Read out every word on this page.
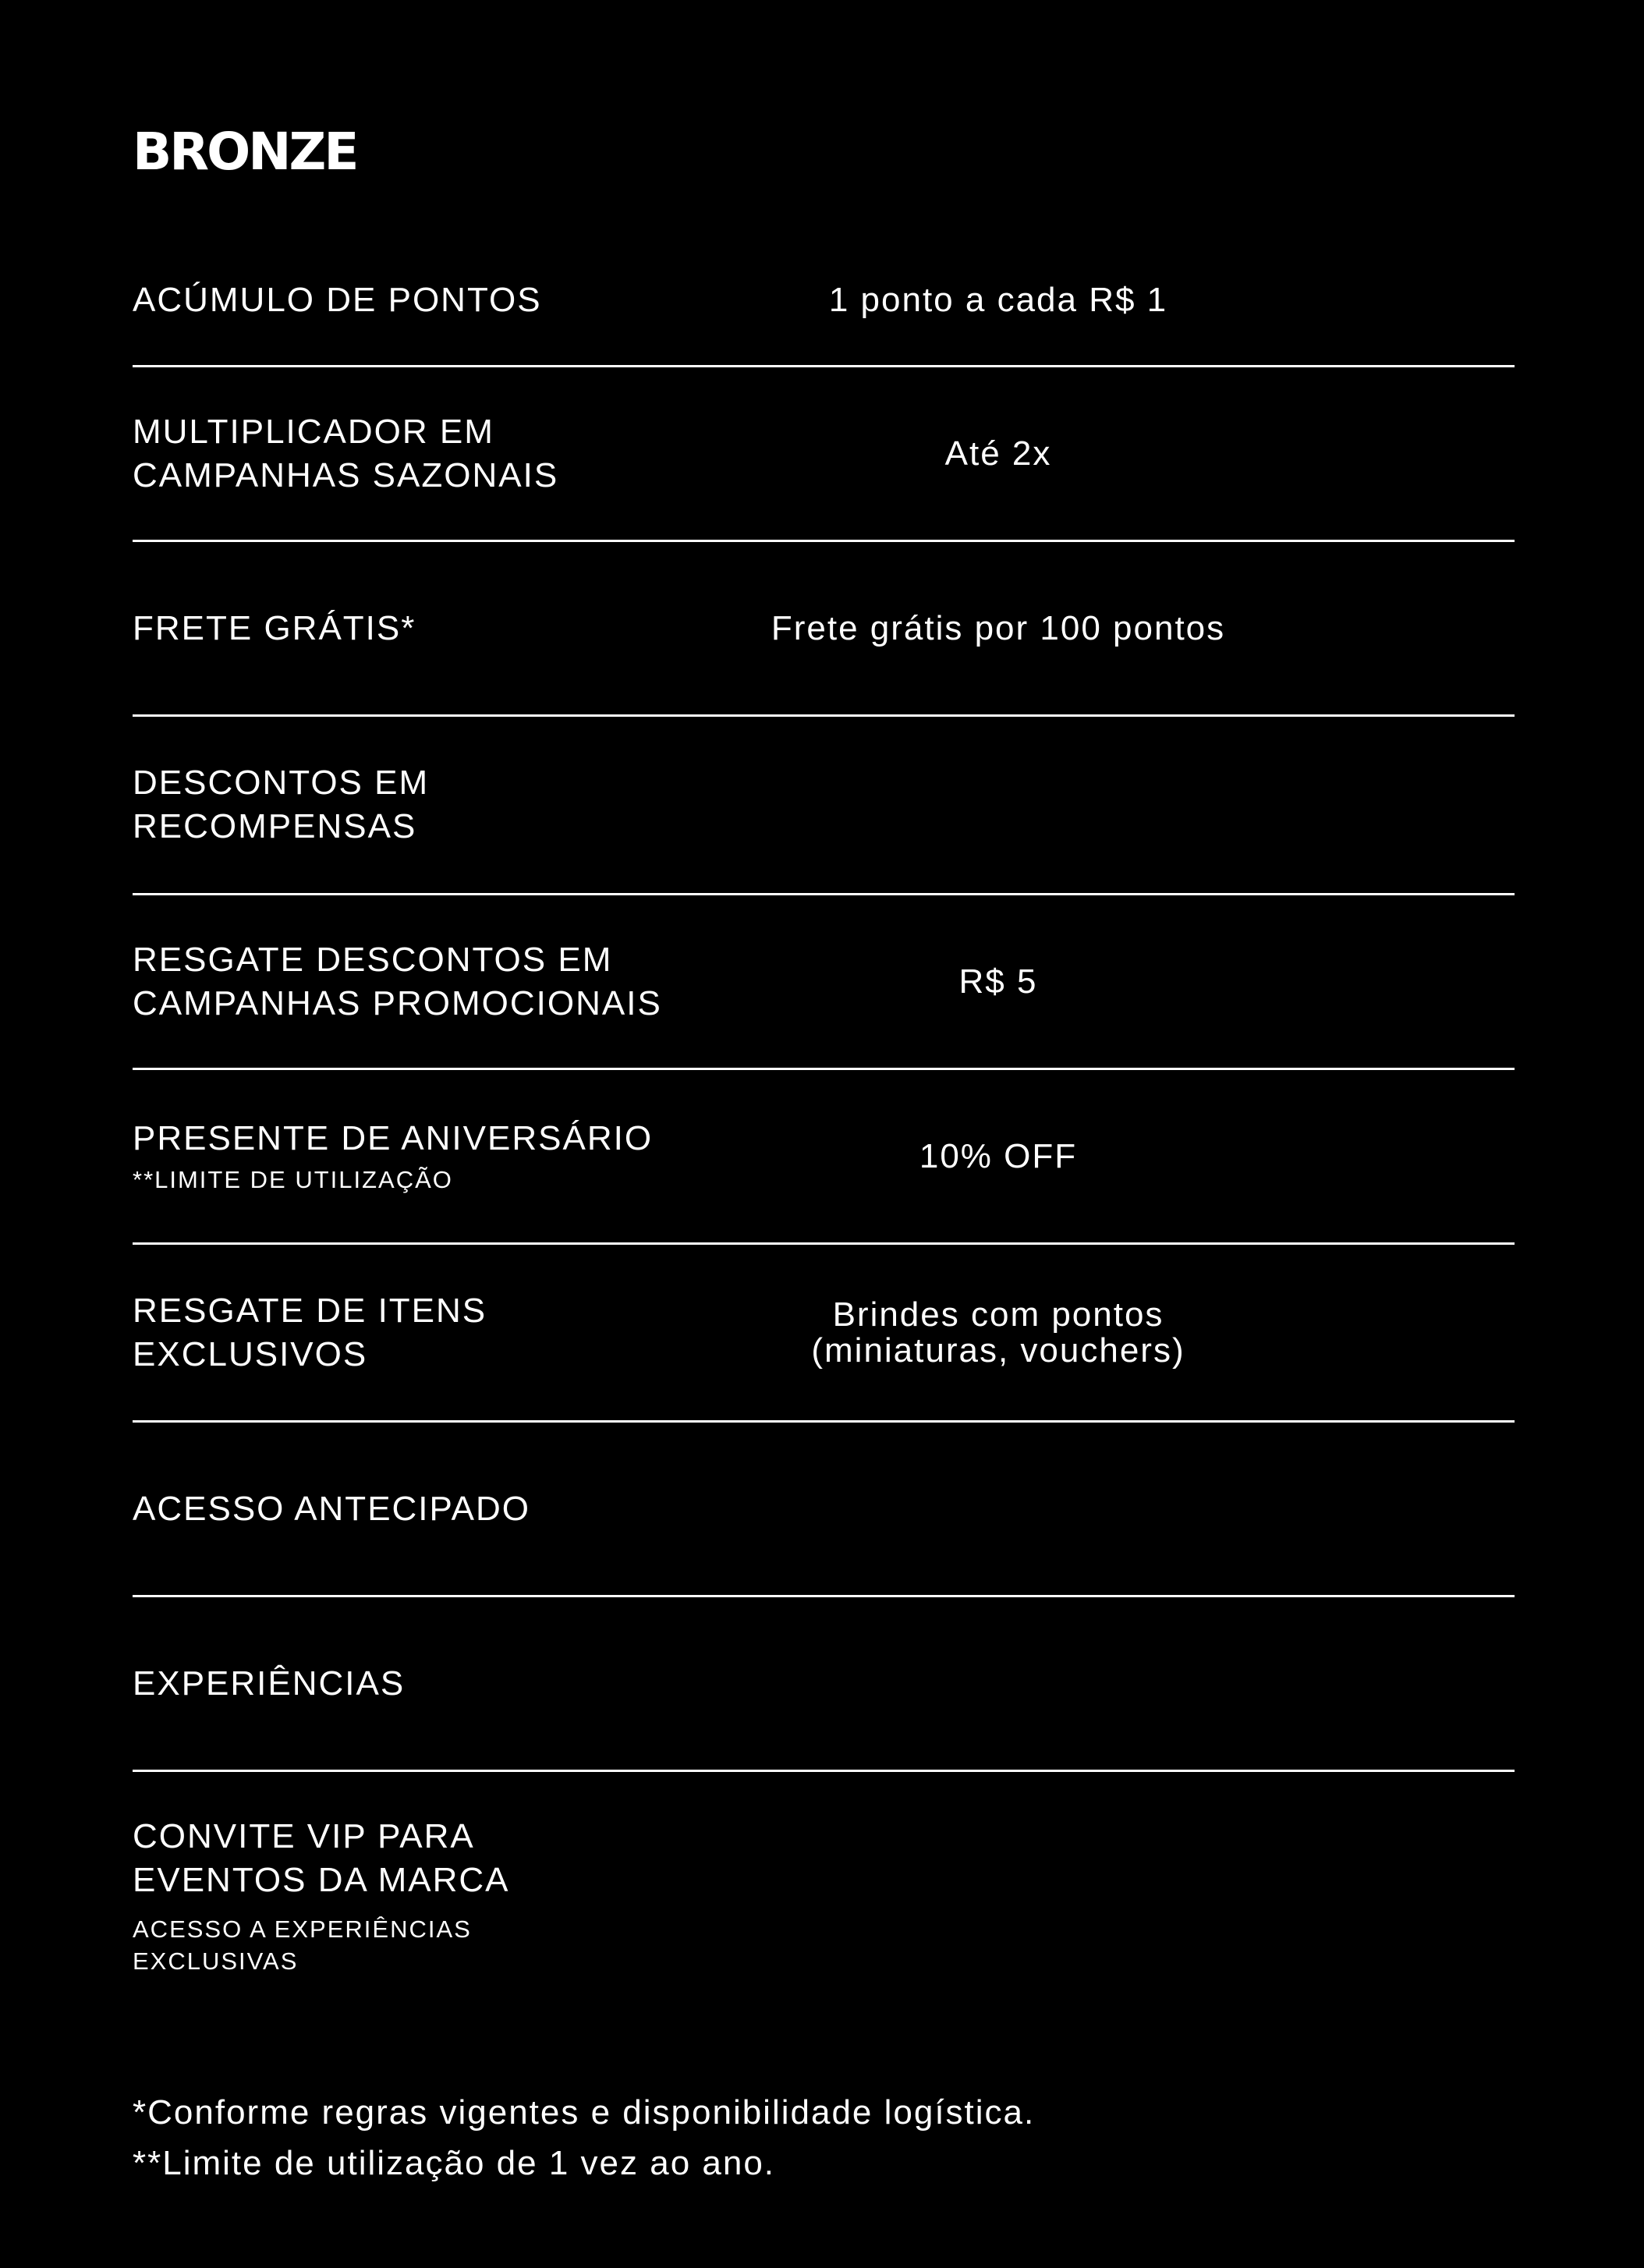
BRONZE
ACÚMULO DE PONTOS	1 ponto a cada R$ 1
MULTIPLICADOR EM
CAMPANHAS SAZONAIS
Até 2x
FRETE GRÁTIS*	Frete grátis por 100 pontos
DESCONTOS EM
RECOMPENSAS
RESGATE DESCONTOS EM
CAMPANHAS PROMOCIONAIS
R$ 5
PRESENTE DE ANIVERSÁRIO
**LIMITE DE UTILIZAÇÃO
10% OFF
RESGATE DE ITENS
EXCLUSIVOS
Brindes com pontos
(miniaturas, vouchers)
ACESSO ANTECIPADO
EXPERIÊNCIAS
CONVITE VIP PARA
EVENTOS DA MARCA
ACESSO A EXPERIÊNCIAS
EXCLUSIVAS
*Conforme regras vigentes e disponibilidade logística.
**Limite de utilização de 1 vez ao ano.
